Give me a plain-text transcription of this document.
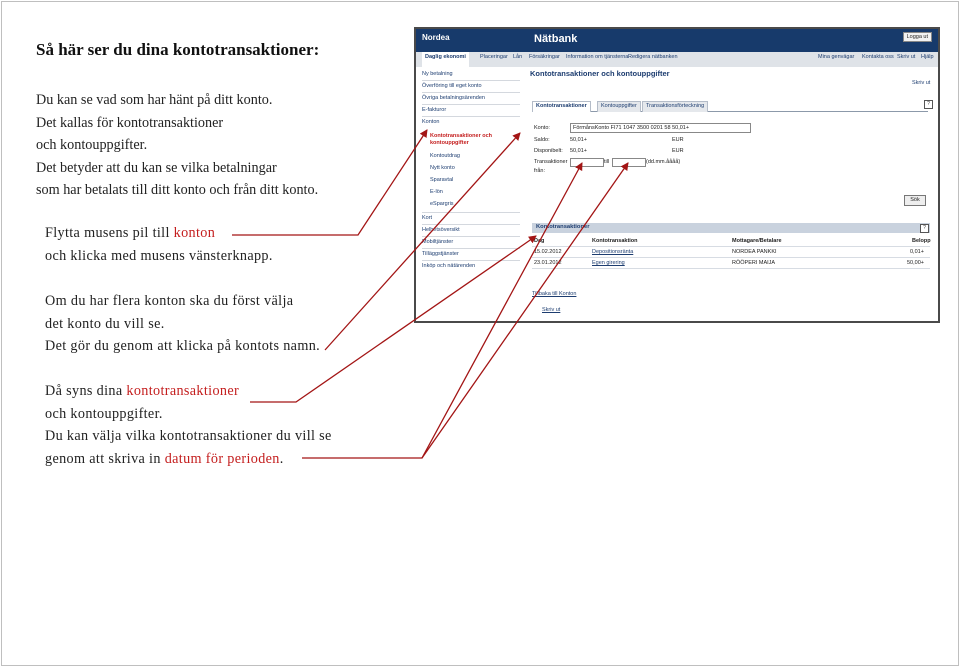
Så här ser du dina kontotransaktioner:
Du kan se vad som har hänt på ditt konto.
Det kallas för kontotransaktioner
och kontouppgifter.
Det betyder att du kan se vilka betalningar
som har betalats till ditt konto och från ditt konto.
Flytta musens pil till konton
och klicka med musens vänsterknapp.
Om du har flera konton ska du först välja
det konto du vill se.
Det gör du genom att klicka på kontots namn.
Då syns dina kontotransaktioner
och kontouppgifter.
Du kan välja vilka kontotransaktioner du vill se
genom att skriva in datum för perioden.
Nordea	Nätbank	Logga ut
Daglig ekonomi	Placeringar Lån Försäkringar Information om tjänsterna Redigera nätbanken	Mina genvägar Kontakta oss Skriv ut Hjälp
Ny betalning
Överföring till eget konto
Övriga betalningsärenden
E-fakturor
Konton
Kontotransaktioner och kontouppgifter
Kontoutdrag
Nytt konto
Sparavtal
E-lön
eSpargris
Kort
Helhetsöversikt
Mobiltjänster
Tilläggstjänster
Inköp och nätärenden
Kontotransaktioner och kontouppgifter
Skriv ut
?
Kontotransaktioner	Kontouppgifter	Transaktionsförteckning
Konto:	FörmånsKonto FI71 1047 3500 0201 58 50,01+
Saldo:	50,01+	EUR
Disponibelt: 50,01+	EUR
Transaktioner
från:
till	(dd.mm.åååå)
Sök
Kontotransaktioner	?
Dag	Kontotransaktion	Mottagare/Betalare	Belopp
15.02.2012	Depositionsränta	NORDEA PANKKI	0,01+
23.01.2012	Egen girering	RÖÖPERI MAIJA	50,00+
Tillbaka till Konton
Skriv ut
